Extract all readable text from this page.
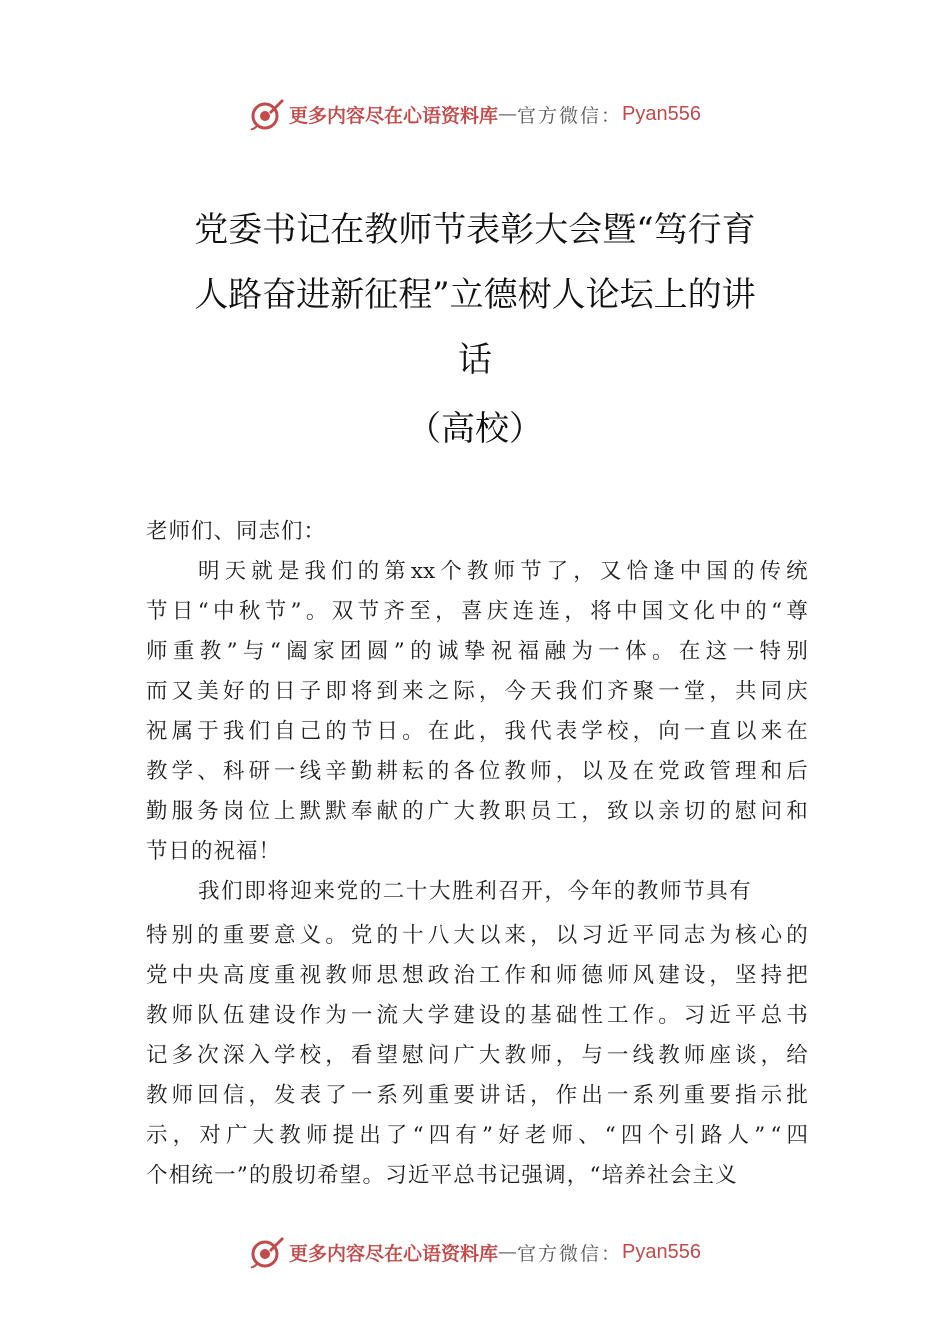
更多内容尽在心语资料库 — 官方微信： Pyan556
党委书记在教师节表彰大会暨“笃行育
人路奋进新征程”立德树人论坛上的讲
话
（高校）
老师们、同志们：
明 天 就 是 我 们 的 第 xx 个 教 师 节 了 ， 又 恰 逢 中 国 的 传 统
节 日 “ 中 秋 节 ” 。 双 节 齐 至 ， 喜 庆 连 连 ， 将 中 国 文 化 中 的 “ 尊
师 重 教 ” 与 “ 阖 家 团 圆 ” 的 诚 挚 祝 福 融 为 一 体 。 在 这 一 特 别
而 又 美 好 的 日 子 即 将 到 来 之 际 ， 今 天 我 们 齐 聚 一 堂 ， 共 同 庆
祝 属 于 我 们 自 己 的 节 日 。 在 此 ， 我 代 表 学 校 ， 向 一 直 以 来 在
教 学 、 科 研 一 线 辛 勤 耕 耘 的 各 位 教 师 ， 以 及 在 党 政 管 理 和 后
勤 服 务 岗 位 上 默 默 奉 献 的 广 大 教 职 员 工 ， 致 以 亲 切 的 慰 问 和
节日的祝福！
我们即将迎来党的二十大胜利召开，今年的教师节具有
特 别 的 重 要 意 义 。 党 的 十 八 大 以 来 ， 以 习 近 平 同 志 为 核 心 的
党 中 央 高 度 重 视 教 师 思 想 政 治 工 作 和 师 德 师 风 建 设 ， 坚 持 把
教 师 队 伍 建 设 作 为 一 流 大 学 建 设 的 基 础 性 工 作 。 习 近 平 总 书
记 多 次 深 入 学 校 ， 看 望 慰 问 广 大 教 师 ， 与 一 线 教 师 座 谈 ， 给
教 师 回 信 ， 发 表 了 一 系 列 重 要 讲 话 ， 作 出 一 系 列 重 要 指 示 批
示 ， 对 广 大 教 师 提 出 了 “ 四 有 ” 好 老 师 、 “ 四 个 引 路 人 ” “ 四
个相统一”的殷切希望。习近平总书记强调，“培养社会主义
更多内容尽在心语资料库 — 官方微信： Pyan556
